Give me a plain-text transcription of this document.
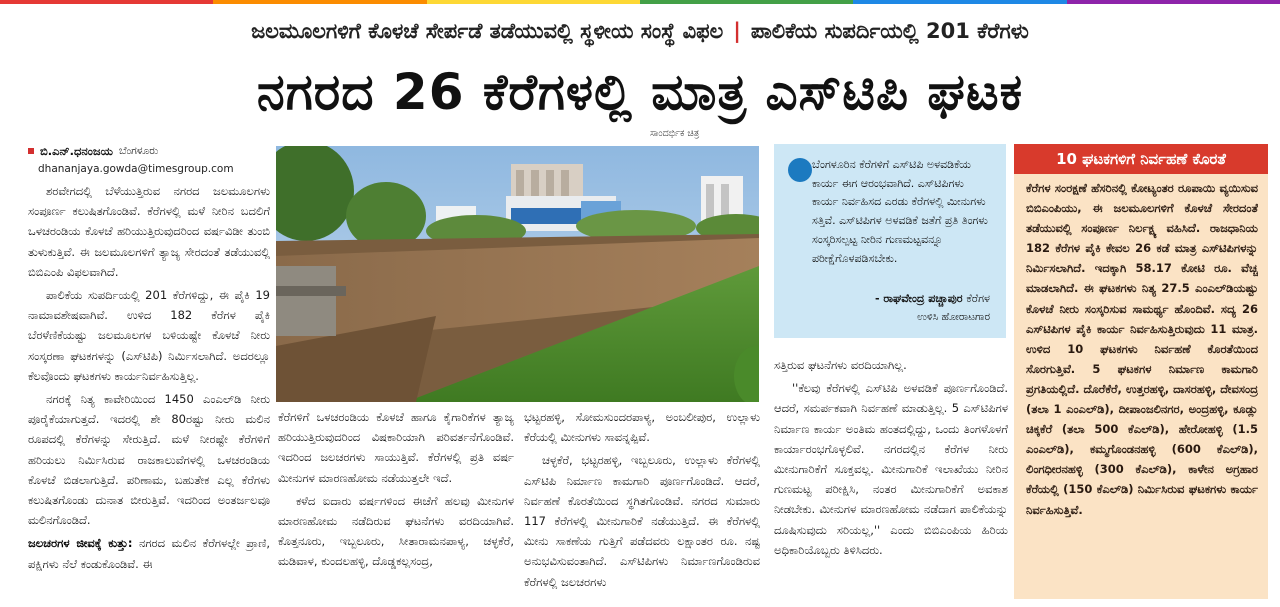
ಜಲಮೂಲಗಳಿಗೆ ಕೊಳಚೆ ಸೇರ್ಪಡೆ ತಡೆಯುವಲ್ಲಿ ಸ್ಥಳೀಯ ಸಂಸ್ಥೆ ವಿಫಲ | ಪಾಲಿಕೆಯ ಸುಪರ್ದಿಯಲ್ಲಿ 201 ಕೆರೆಗಳು
ನಗರದ 26 ಕೆರೆಗಳಲ್ಲಿ ಮಾತ್ರ ಎಸ್‌ಟಿಪಿ ಘಟಕ
ಬಿ.ಎನ್.ಧನಂಜಯ ಬೆಂಗಳೂರು
dhananjaya.gowda@timesgroup.com

ಶರವೇಗದಲ್ಲಿ ಬೆಳೆಯುತ್ತಿರುವ ನಗರದ ಜಲಮೂಲಗಳು ಸಂಪೂರ್ಣ ಕಲುಷಿತಗೊಂಡಿವೆ. ಕೆರೆಗಳಲ್ಲಿ ಮಳೆ ನೀರಿನ ಬದಲಿಗೆ ಒಳಚರಂಡಿಯ ಕೊಳಚೆ ಹರಿಯುತ್ತಿರುವುದರಿಂದ ವರ್ಷವಿಡೀ ತುಂಬಿ ತುಳುಕುತ್ತಿವೆ. ಈ ಜಲಮೂಲಗಳಿಗೆ ತ್ಯಾಜ್ಯ ಸೇರದಂತೆ ತಡೆಯುವಲ್ಲಿ ಬಿಬಿಎಂಪಿ ವಿಫಲವಾಗಿದೆ.

ಪಾಲಿಕೆಯ ಸುಪರ್ದಿಯಲ್ಲಿ 201 ಕೆರೆಗಳಿದ್ದು, ಈ ಪೈಕಿ 19 ನಾಮಾವಶೇಷವಾಗಿವೆ. ಉಳಿದ 182 ಕೆರೆಗಳ ಪೈಕಿ ಬೆರಳೆಣಿಕೆಯಷ್ಟು ಜಲಮೂಲಗಳ ಬಳಿಯಷ್ಟೇ ಕೊಳಚೆ ನೀರು ಸಂಸ್ಕರಣಾ ಘಟಕಗಳನ್ನು (ಎಸ್‌ಟಿಪಿ) ನಿರ್ಮಿಸಲಾಗಿದೆ. ಅದರಲ್ಲೂ ಕೆಲವೊಂದು ಘಟಕಗಳು ಕಾರ್ಯನಿರ್ವಹಿಸುತ್ತಿಲ್ಲ.

ನಗರಕ್ಕೆ ನಿತ್ಯ ಕಾವೇರಿಯಿಂದ 1450 ಎಂಎಲ್‌ಡಿ ನೀರು ಪೂರೈಕೆಯಾಗುತ್ತದೆ. ಇದರಲ್ಲಿ ಶೇ 80ರಷ್ಟು ನೀರು ಮಲಿನ ರೂಪದಲ್ಲಿ ಕೆರೆಗಳನ್ನು ಸೇರುತ್ತಿದೆ. ಮಳೆ ನೀರಷ್ಟೇ ಕೆರೆಗಳಿಗೆ ಹರಿಯಲು ನಿರ್ಮಿಸಿರುವ ರಾಜಕಾಲುವೆಗಳಲ್ಲಿ ಒಳಚರಂಡಿಯ ಕೊಳಚೆ ಬಿಡಲಾಗುತ್ತಿದೆ. ಪರಿಣಾಮ, ಬಹುತೇಕ ಎಲ್ಲ ಕೆರೆಗಳು ಕಲುಷಿತಗೊಂಡು ದುನಾತ ಬೀರುತ್ತಿವೆ. ಇದರಿಂದ ಅಂತರ್ಜಲವೂ ಮಲಿನಗೊಂಡಿದೆ.

ಜಲಚರಗಳ ಜೀವಕ್ಕೆ ಕುತ್ತು: ನಗರದ ಮಲಿನ ಕೆರೆಗಳಲ್ಲೇ ಪ್ರಾಣಿ, ಪಕ್ಷಿಗಳು ನೆಲೆ ಕಂಡುಕೊಂಡಿವೆ. ಈ

ಸಾಂದರ್ಭಿಕ ಚಿತ್ರ

ಕೆರೆಗಳಿಗೆ ಒಳಚರಂಡಿಯ ಕೊಳಚೆ ಹಾಗೂ ಕೈಗಾರಿಕೆಗಳ ತ್ಯಾಜ್ಯ ಹರಿಯುತ್ತಿರುವುದರಿಂದ ವಿಷಕಾರಿಯಾಗಿ ಪರಿವರ್ತನೆಗೊಂಡಿವೆ. ಇದರಿಂದ ಜಲಚರಗಳು ಸಾಯುತ್ತಿವೆ. ಕೆರೆಗಳಲ್ಲಿ ಪ್ರತಿ ವರ್ಷ ಮೀನುಗಳ ಮಾರಣಹೋಮ ನಡೆಯುತ್ತಲೇ ಇದೆ.

ಕಳೆದ ಐದಾರು ವರ್ಷಗಳಿಂದ ಈಚೆಗೆ ಹಲವು ಮೀನುಗಳ ಮಾರಣಹೋಮ ನಡೆದಿರುವ ಘಟನೆಗಳು ವರದಿಯಾಗಿವೆ. ಕೊತ್ತನೂರು, ಇಬ್ಬಲೂರು, ಸೀತಾರಾಮನಪಾಳ್ಯ, ಚಳ್ಳಕೆರೆ, ಮಡಿವಾಳ, ಕುಂದಲಹಳ್ಳಿ, ದೊಡ್ಡಕಲ್ಲಸಂದ್ರ,

ಭಟ್ಟರಹಳ್ಳಿ, ಸೋಮಸುಂದರಪಾಳ್ಯ, ಅಂಬಲೀಪುರ, ಉಲ್ಲಾಳು ಕೆರೆಯಲ್ಲಿ ಮೀನುಗಳು ಸಾವನ್ನಪ್ಪಿವೆ.

ಚಳ್ಳಕೆರೆ, ಭಟ್ಟರಹಳ್ಳಿ, ಇಬ್ಬಲೂರು, ಉಲ್ಲಾಳು ಕೆರೆಗಳಲ್ಲಿ ಎಸ್‌ಟಿಪಿ ನಿರ್ಮಾಣ ಕಾಮಗಾರಿ ಪೂರ್ಣಗೊಂಡಿದೆ. ಆದರೆ, ನಿರ್ವಹಣೆ ಕೊರತೆಯಿಂದ ಸ್ಥಗಿತಗೊಂಡಿವೆ. ನಗರದ ಸುಮಾರು 117 ಕೆರೆಗಳಲ್ಲಿ ಮೀನುಗಾರಿಕೆ ನಡೆಯುತ್ತಿದೆ. ಈ ಕೆರೆಗಳಲ್ಲಿ ಮೀನು ಸಾಕಣೆಯ ಗುತ್ತಿಗೆ ಪಡೆದವರು ಲಕ್ಷಾಂತರ ರೂ. ನಷ್ಟ ಅನುಭವಿಸುವಂತಾಗಿದೆ. ಎಸ್‌ಟಿಪಿಗಳು ನಿರ್ಮಾಣಗೊಂಡಿರುವ ಕೆರೆಗಳಲ್ಲಿ ಜಲಚರಗಳು

ಬೆಂಗಳೂರಿನ ಕೆರೆಗಳಿಗೆ ಎಸ್‌ಟಿಪಿ ಅಳವಡಿಕೆಯ ಕಾರ್ಯ ಈಗ ಆರಂಭವಾಗಿದೆ. ಎಸ್‌ಟಿಪಿಗಳು ಕಾರ್ಯ ನಿರ್ವಹಿಸದ ಎರಡು ಕೆರೆಗಳಲ್ಲಿ ಮೀನುಗಳು ಸತ್ತಿವೆ. ಎಸ್‌ಟಿಪಿಗಳ ಅಳವಡಿಕೆ ಜತೆಗೆ ಪ್ರತಿ ತಿಂಗಳು ಸಂಸ್ಕರಿಸಲ್ಪಟ್ಟ ನೀರಿನ ಗುಣಮಟ್ಟವನ್ನೂ ಪರೀಕ್ಷೆಗೊಳಪಡಿಸಬೇಕು.
- ರಾಘವೇಂದ್ರ ಪಚ್ಚಾಪುರ ಕೆರೆಗಳ
ಉಳಿಸಿ ಹೋರಾಟಗಾರ

ಸತ್ತಿರುವ ಘಟನೆಗಳು ವರದಿಯಾಗಿಲ್ಲ.

''ಕೆಲವು ಕೆರೆಗಳಲ್ಲಿ ಎಸ್‌ಟಿಪಿ ಅಳವಡಿಕೆ ಪೂರ್ಣಗೊಂಡಿದೆ. ಆದರೆ, ಸಮರ್ಪಕವಾಗಿ ನಿರ್ವಹಣೆ ಮಾಡುತ್ತಿಲ್ಲ. 5 ಎಸ್‌ಟಿಪಿಗಳ ನಿರ್ಮಾಣ ಕಾರ್ಯ ಅಂತಿಮ ಹಂತದಲ್ಲಿದ್ದು, ಒಂದು ತಿಂಗಳೊಳಗೆ ಕಾರ್ಯಾರಂಭಗೊಳ್ಳಲಿವೆ. ನಗರದಲ್ಲಿನ ಕೆರೆಗಳ ನೀರು ಮೀನುಗಾರಿಕೆಗೆ ಸೂಕ್ತವಲ್ಲ. ಮೀನುಗಾರಿಕೆ ಇಲಾಖೆಯು ನೀರಿನ ಗುಣಮಟ್ಟ ಪರೀಕ್ಷಿಸಿ, ನಂತರ ಮೀನುಗಾರಿಕೆಗೆ ಅವಕಾಶ ನೀಡಬೇಕು. ಮೀನುಗಳ ಮಾರಣಹೋಮ ನಡೆದಾಗ ಪಾಲಿಕೆಯನ್ನು ದೂಷಿಸುವುದು ಸರಿಯಲ್ಲ,'' ಎಂದು ಬಿಬಿಎಂಪಿಯ ಹಿರಿಯ ಅಧಿಕಾರಿಯೊಬ್ಬರು ತಿಳಿಸಿದರು.

10 ಘಟಕಗಳಿಗೆ ನಿರ್ವಹಣೆ ಕೊರತೆ
ಕೆರೆಗಳ ಸಂರಕ್ಷಣೆ ಹೆಸರಿನಲ್ಲಿ ಕೋಟ್ಯಂತರ ರೂಪಾಯಿ ವ್ಯಯಿಸುವ ಬಿಬಿಎಂಪಿಯು, ಈ ಜಲಮೂಲಗಳಿಗೆ ಕೊಳಚೆ ಸೇರದಂತೆ ತಡೆಯುವಲ್ಲಿ ಸಂಪೂರ್ಣ ನಿರ್ಲಕ್ಷ್ಯ ವಹಿಸಿದೆ. ರಾಜಧಾನಿಯ 182 ಕೆರೆಗಳ ಪೈಕಿ ಕೇವಲ 26 ಕಡೆ ಮಾತ್ರ ಎಸ್‌ಟಿಪಿಗಳನ್ನು ನಿರ್ಮಿಸಲಾಗಿದೆ. ಇದಕ್ಕಾಗಿ 58.17 ಕೋಟಿ ರೂ. ವೆಚ್ಚ ಮಾಡಲಾಗಿದೆ. ಈ ಘಟಕಗಳು ನಿತ್ಯ 27.5 ಎಂಎಲ್‌ಡಿಯಷ್ಟು ಕೊಳಚೆ ನೀರು ಸಂಸ್ಕರಿಸುವ ಸಾಮರ್ಥ್ಯ ಹೊಂದಿವೆ. ಸದ್ಯ 26 ಎಸ್‌ಟಿಪಿಗಳ ಪೈಕಿ ಕಾರ್ಯ ನಿರ್ವಹಿಸುತ್ತಿರುವುದು 11 ಮಾತ್ರ. ಉಳಿದ 10 ಘಟಕಗಳು ನಿರ್ವಹಣೆ ಕೊರತೆಯಿಂದ ಸೊರಗುತ್ತಿವೆ. 5 ಘಟಕಗಳ ನಿರ್ಮಾಣ ಕಾಮಗಾರಿ ಪ್ರಗತಿಯಲ್ಲಿದೆ. ದೊರೆಕೆರೆ, ಉತ್ತರಹಳ್ಳಿ, ದಾಸರಹಳ್ಳಿ, ದೇವಸಂದ್ರ (ತಲಾ 1 ಎಂಎಲ್‌ಡಿ), ದೀಪಾಂಜಲಿನಗರ, ಅಂದ್ರಹಳ್ಳಿ, ಕೂಡ್ಲು ಚಿಕ್ಕಕೆರೆ (ತಲಾ 500 ಕೆಎಲ್‌ಡಿ), ಹೇರೋಹಳ್ಳಿ (1.5 ಎಂಎಲ್‌ಡಿ), ಕಮ್ಮಗೊಂಡನಹಳ್ಳಿ (600 ಕೆಎಲ್‌ಡಿ), ಲಿಂಗಧೀರನಹಳ್ಳಿ (300 ಕೆಎಲ್‌ಡಿ), ಕಾಳೇನ ಅಗ್ರಹಾರ ಕೆರೆಯಲ್ಲಿ (150 ಕೆಎಲ್‌ಡಿ) ನಿರ್ಮಿಸಿರುವ ಘಟಕಗಳು ಕಾರ್ಯ ನಿರ್ವಹಿಸುತ್ತಿವೆ.
